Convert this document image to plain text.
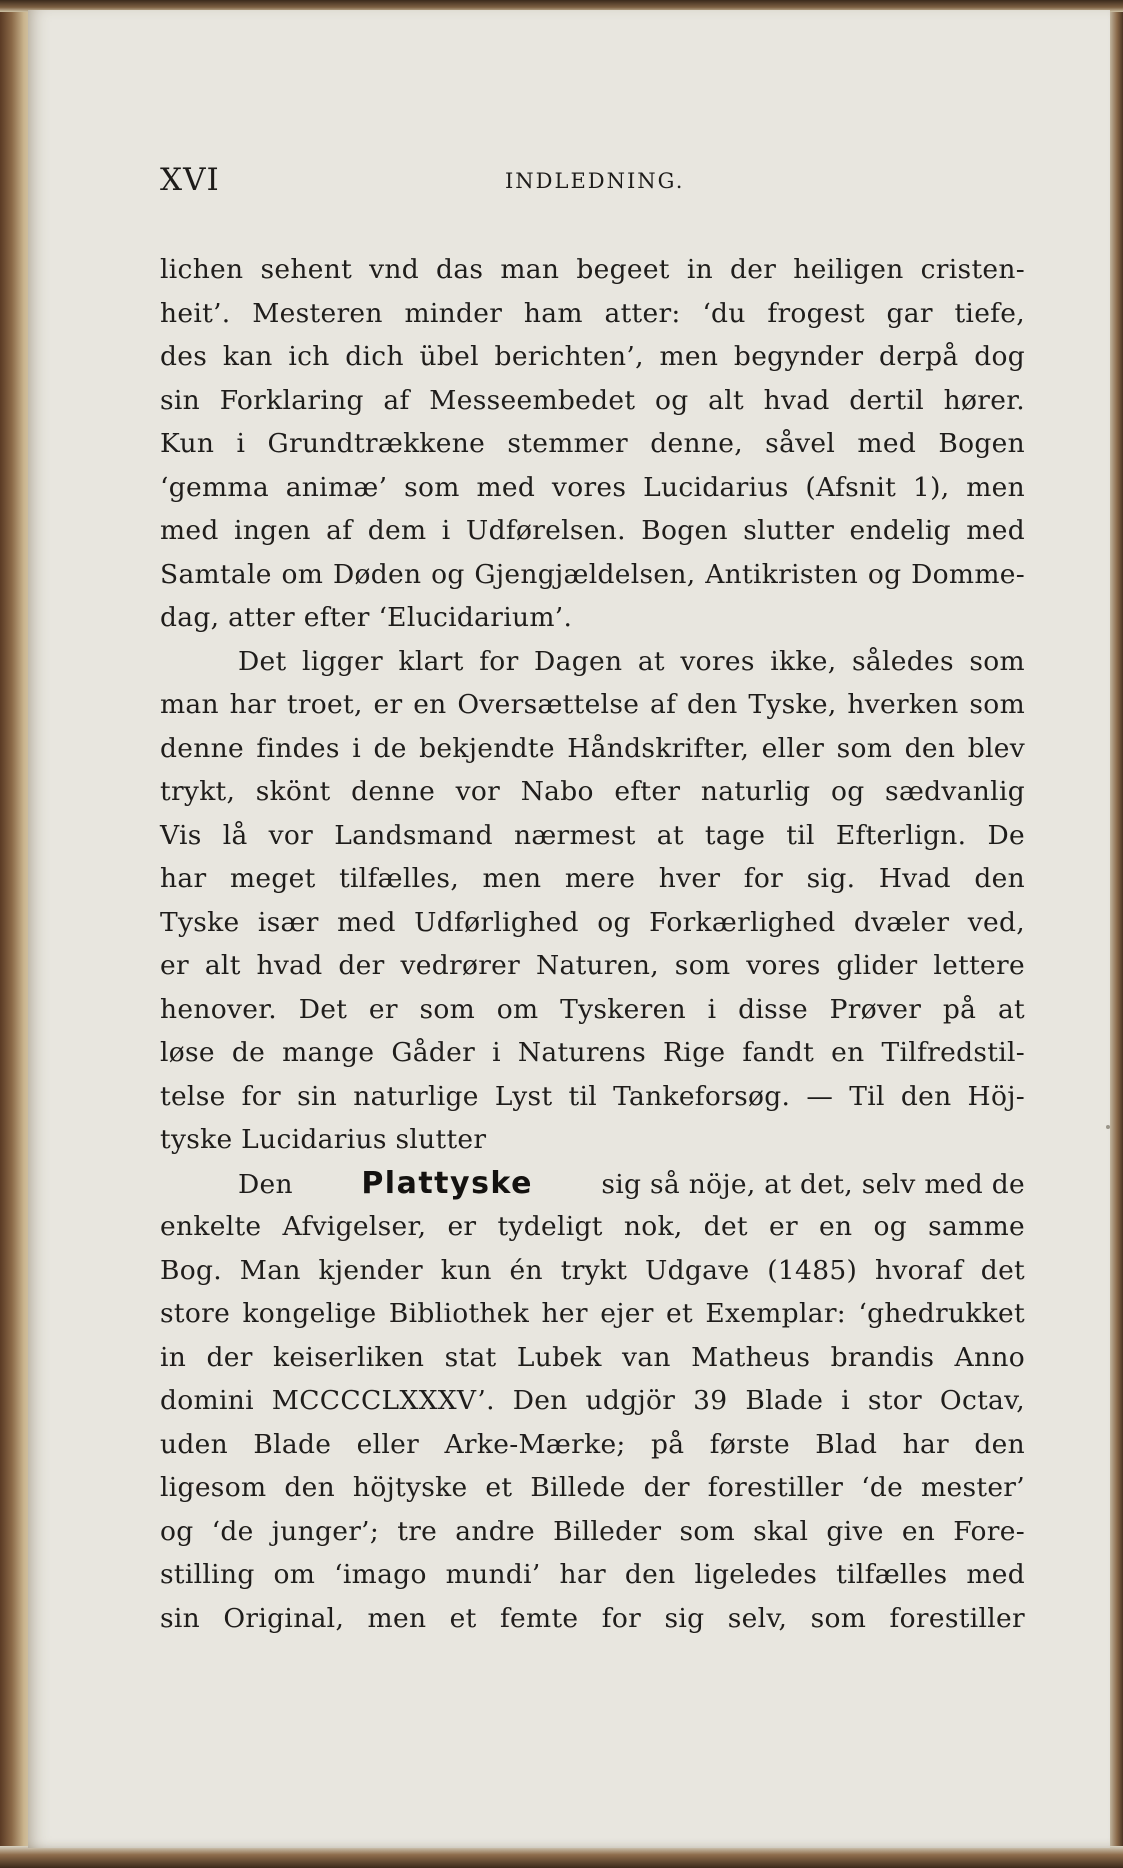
XVI	INDLEDNING.
lichen sehent vnd das man begeet in der heiligen cristen-
heit’. Mesteren minder ham atter: ‘du frogest gar tiefe,
des kan ich dich übel berichten’, men begynder derpå dog
sin Forklaring af Messeembedet og alt hvad dertil hører.
Kun i Grundtrækkene stemmer denne, såvel med Bogen
‘gemma animæ’ som med vores Lucidarius (Afsnit 1), men
med ingen af dem i Udførelsen. Bogen slutter endelig med
Samtale om Døden og Gjengjældelsen, Antikristen og Domme-
dag, atter efter ‘Elucidarium’.
Det ligger klart for Dagen at vores ikke, således som
man har troet, er en Oversættelse af den Tyske, hverken som
denne findes i de bekjendte Håndskrifter, eller som den blev
trykt, skönt denne vor Nabo efter naturlig og sædvanlig
Vis lå vor Landsmand nærmest at tage til Efterlign. De
har meget tilfælles, men mere hver for sig. Hvad den
Tyske især med Udførlighed og Forkærlighed dvæler ved,
er alt hvad der vedrører Naturen, som vores glider lettere
henover. Det er som om Tyskeren i disse Prøver på at
løse de mange Gåder i Naturens Rige fandt en Tilfredstil-
telse for sin naturlige Lyst til Tankeforsøg. — Til den Höj-
tyske Lucidarius slutter
Den Plattyske	sig så nöje, at det, selv med de
enkelte Afvigelser, er tydeligt nok, det er en og samme
Bog. Man kjender kun én trykt Udgave (1485) hvoraf det
store kongelige Bibliothek her ejer et Exemplar: ‘ghedrukket
in der keiserliken stat Lubek van Matheus brandis Anno
domini MCCCCLXXXV’. Den udgjör 39 Blade i stor Octav,
uden Blade eller Arke-Mærke; på første Blad har den
ligesom den höjtyske et Billede der forestiller ‘de mester’
og ‘de junger’; tre andre Billeder som skal give en Fore-
stilling om ‘imago mundi’ har den ligeledes tilfælles med
sin Original, men et femte for sig selv, som forestiller
